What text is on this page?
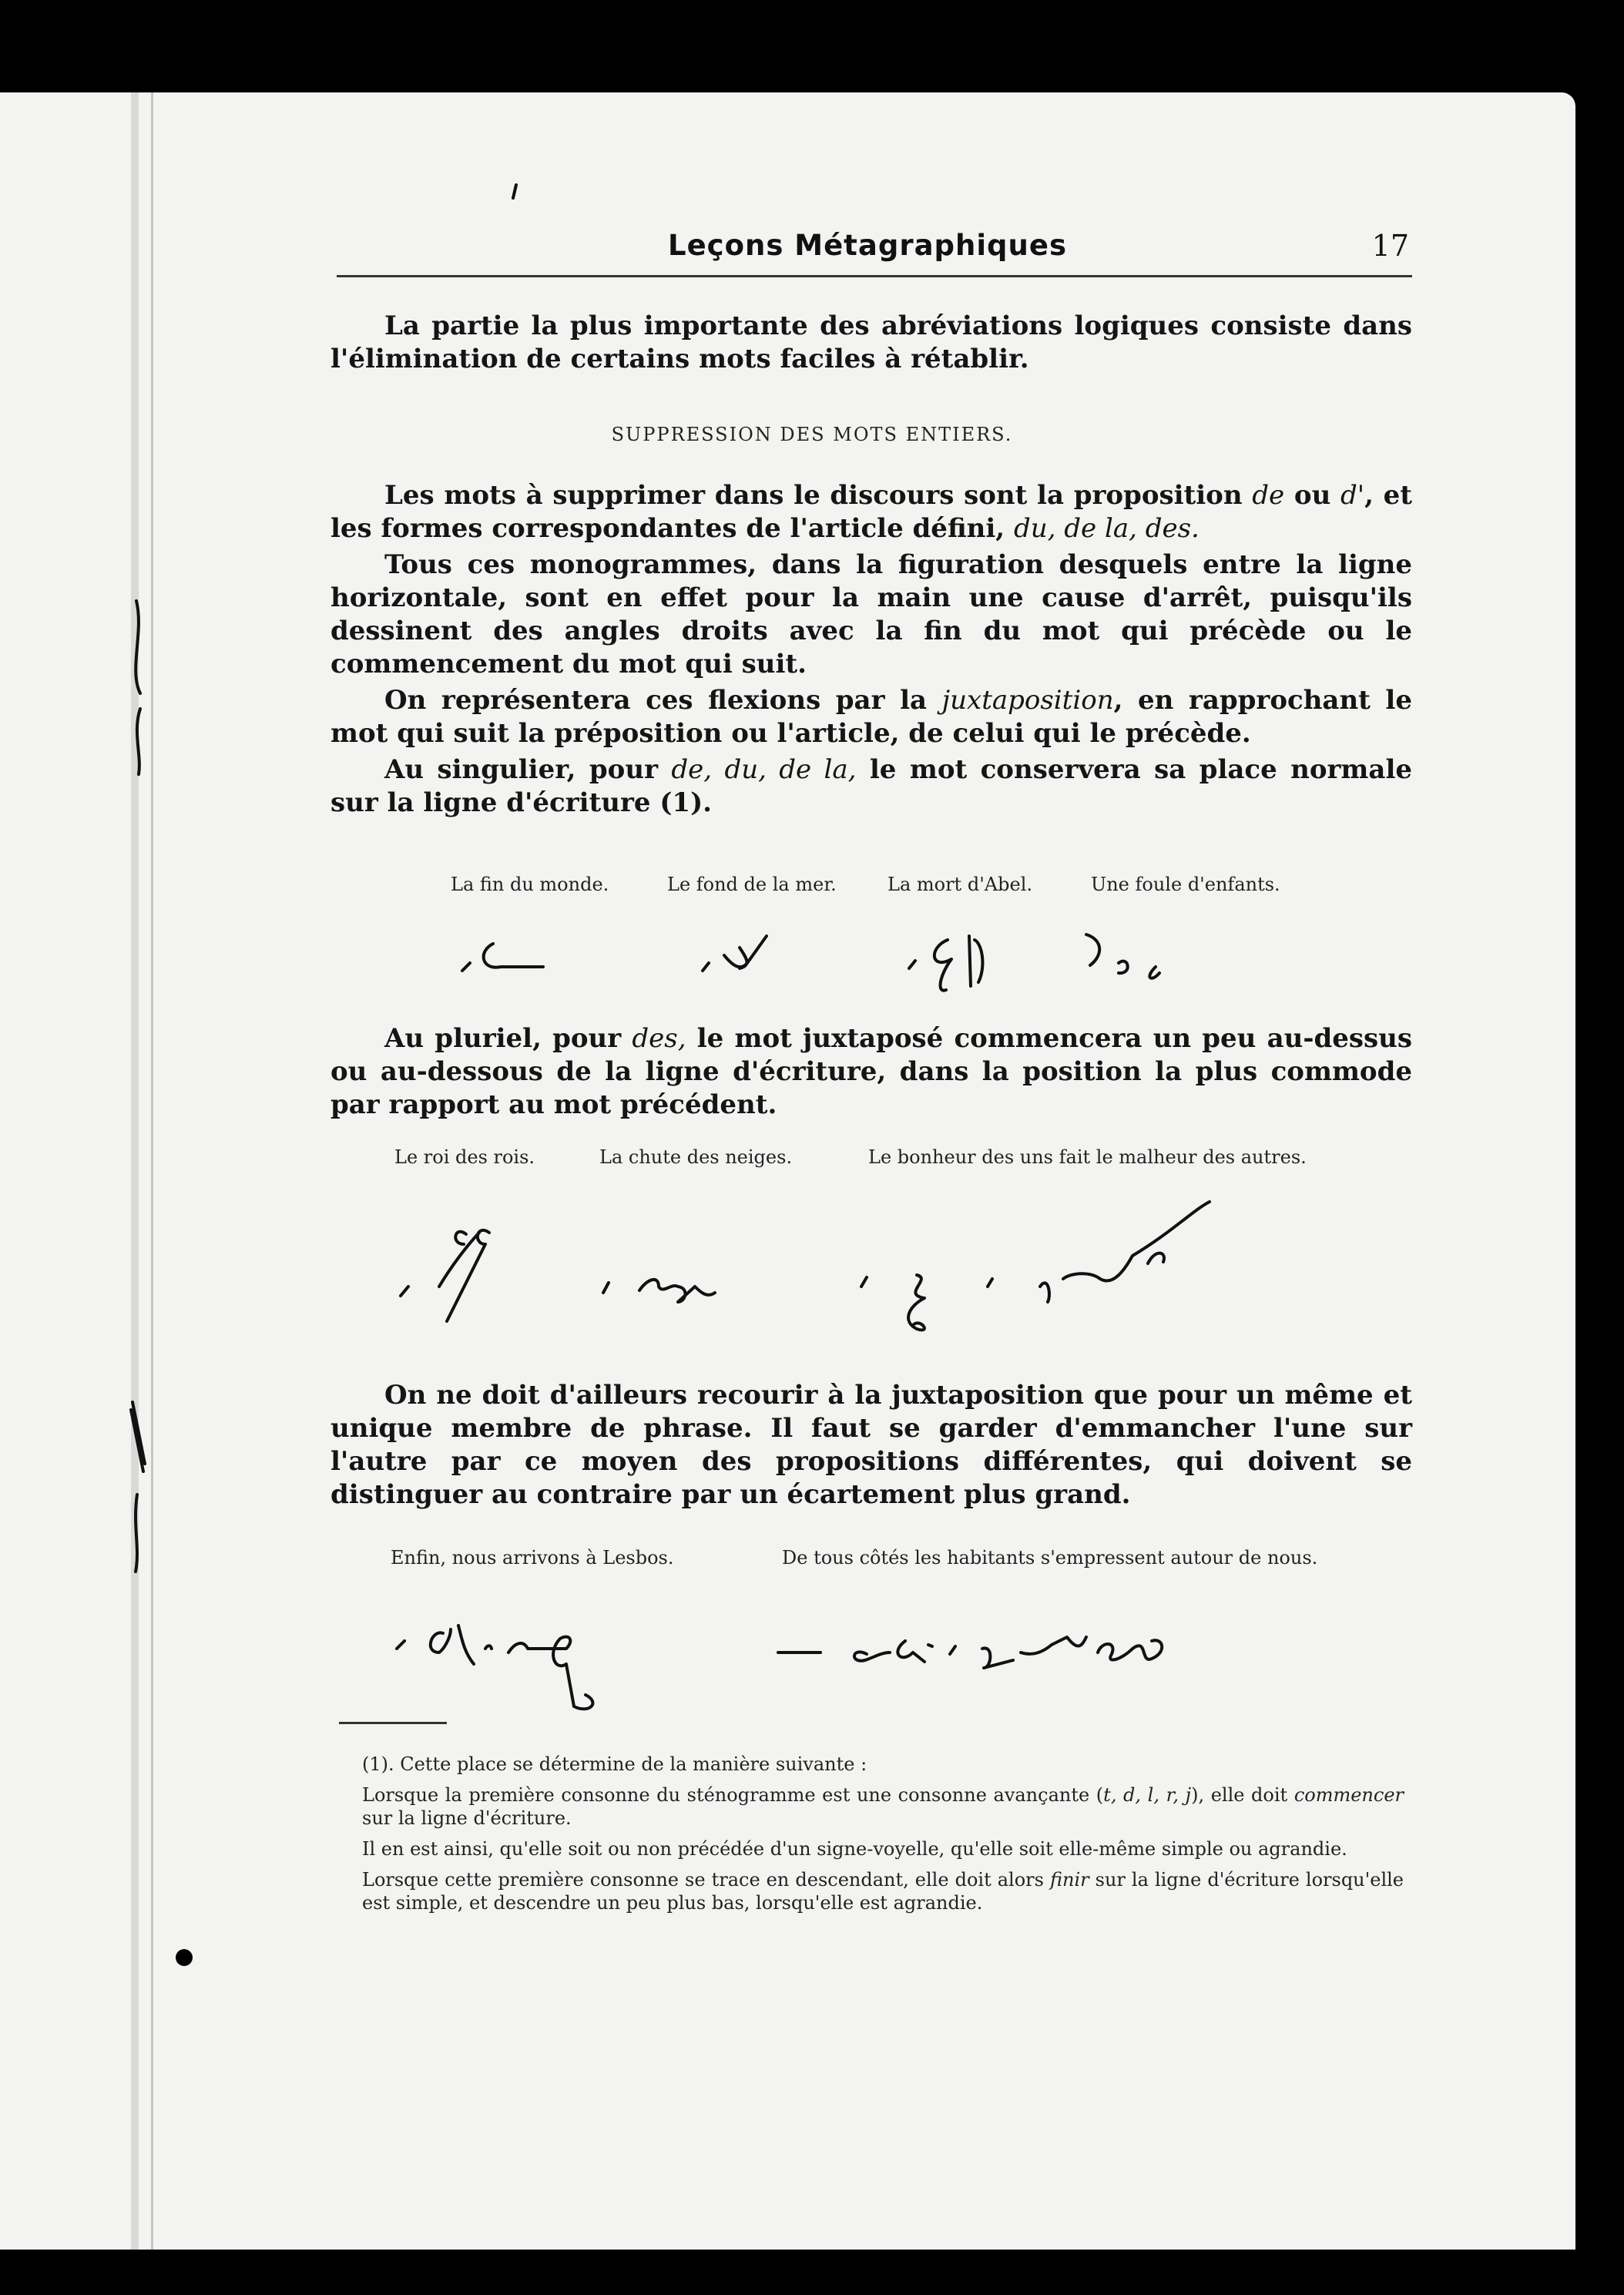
Leçons Métagraphiques	17

La partie la plus importante des abréviations logiques consiste dans l'élimination de certains mots faciles à rétablir.

SUPPRESSION DES MOTS ENTIERS.

Les mots à supprimer dans le discours sont la proposition de ou d', et les formes correspondantes de l'article défini, du, de la, des.

Tous ces monogrammes, dans la figuration desquels entre la ligne horizontale, sont en effet pour la main une cause d'arrêt, puisqu'ils dessinent des angles droits avec la fin du mot qui précède ou le commencement du mot qui suit.

On représentera ces flexions par la juxtaposition, en rapprochant le mot qui suit la préposition ou l'article, de celui qui le précède.

Au singulier, pour de, du, de la, le mot conservera sa place normale sur la ligne d'écriture (1).

La fin du monde.	Le fond de la mer.	La mort d'Abel.	Une foule d'enfants.

Au pluriel, pour des, le mot juxtaposé commencera un peu au-dessus ou au-dessous de la ligne d'écriture, dans la position la plus commode par rapport au mot précédent.

Le roi des rois.	La chute des neiges.	Le bonheur des uns fait le malheur des autres.

On ne doit d'ailleurs recourir à la juxtaposition que pour un même et unique membre de phrase. Il faut se garder d'emmancher l'une sur l'autre par ce moyen des propositions différentes, qui doivent se distinguer au contraire par un écartement plus grand.

Enfin, nous arrivons à Lesbos.	De tous côtés les habitants s'empressent autour de nous.

(1). Cette place se détermine de la manière suivante :

Lorsque la première consonne du sténogramme est une consonne avançante (t, d, l, r, j), elle doit commencer sur la ligne d'écriture.

Il en est ainsi, qu'elle soit ou non précédée d'un signe-voyelle, qu'elle soit elle-même simple ou agrandie.

Lorsque cette première consonne se trace en descendant, elle doit alors finir sur la ligne d'écriture lorsqu'elle est simple, et descendre un peu plus bas, lorsqu'elle est agrandie.
